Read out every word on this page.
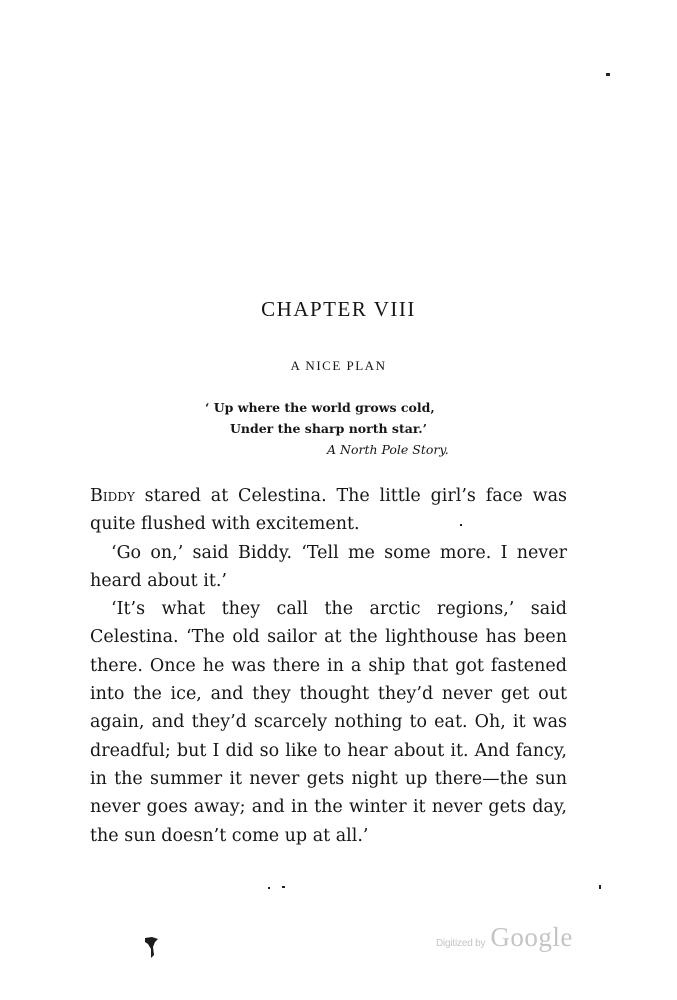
CHAPTER VIII
A NICE PLAN
‘ Up where the world grows cold,
Under the sharp north star.’
A North Pole Story.

Biddy stared at Celestina. The little girl’s face was quite flushed with excitement.

‘Go on,’ said Biddy. ‘Tell me some more. I never heard about it.’

‘It’s what they call the arctic regions,’ said Celestina. ‘The old sailor at the lighthouse has been there. Once he was there in a ship that got fastened into the ice, and they thought they’d never get out again, and they’d scarcely nothing to eat. Oh, it was dreadful; but I did so like to hear about it. And fancy, in the summer it never gets night up there—the sun never goes away; and in the winter it never gets day, the sun doesn’t come up at all.’

Digitized by Google
